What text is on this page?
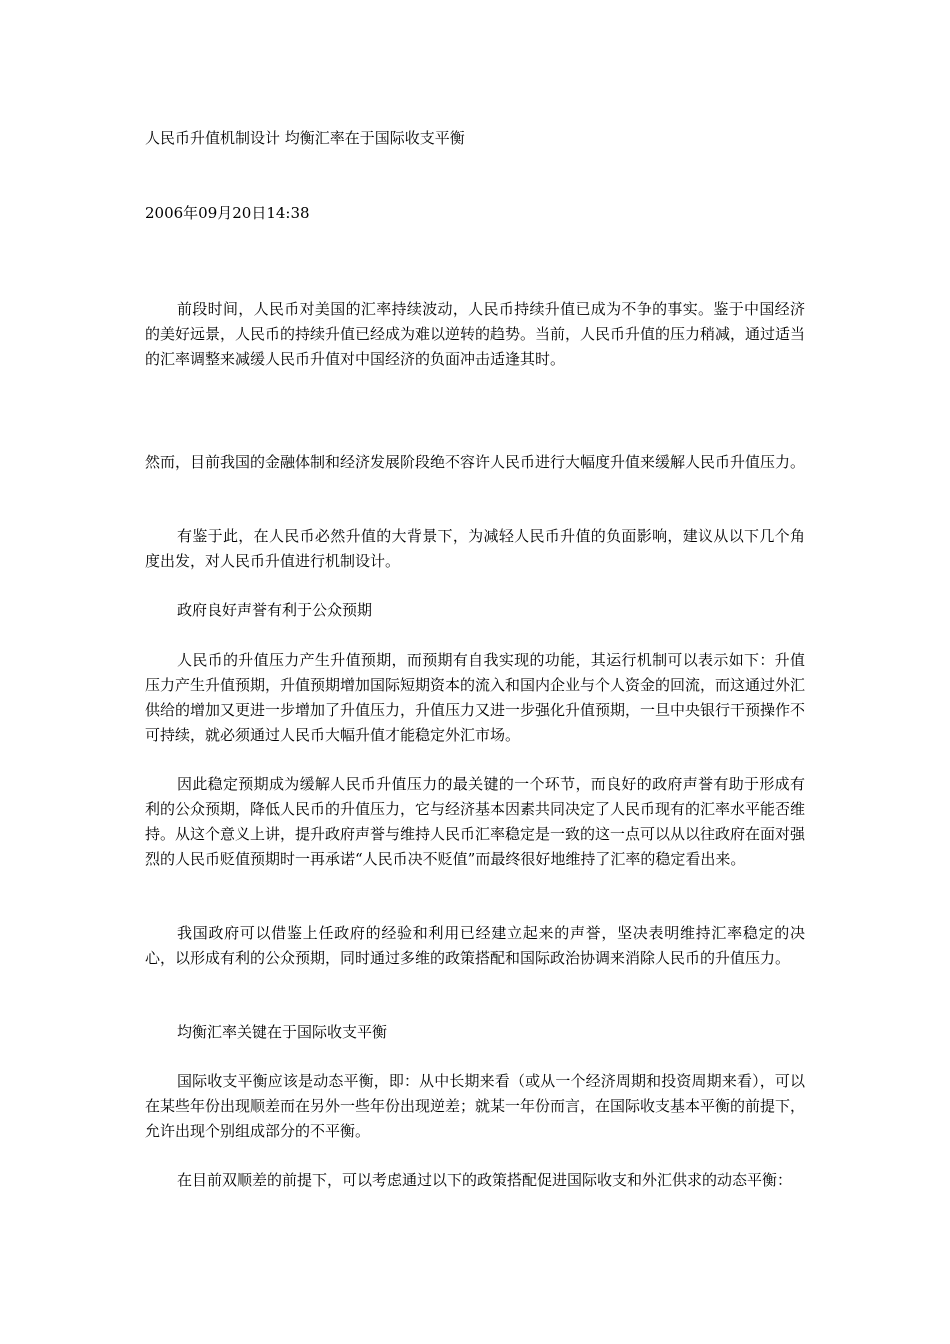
人民币升值机制设计 均衡汇率在于国际收支平衡
2006年09月20日14:38

前段时间，人民币对美国的汇率持续波动，人民币持续升值已成为不争的事实。鉴于中国经济的美好远景，人民币的持续升值已经成为难以逆转的趋势。当前，人民币升值的压力稍减，通过适当的汇率调整来减缓人民币升值对中国经济的负面冲击适逢其时。

然而，目前我国的金融体制和经济发展阶段绝不容许人民币进行大幅度升值来缓解人民币升值压力。

有鉴于此，在人民币必然升值的大背景下，为减轻人民币升值的负面影响，建议从以下几个角度出发，对人民币升值进行机制设计。

政府良好声誉有利于公众预期

人民币的升值压力产生升值预期，而预期有自我实现的功能，其运行机制可以表示如下：升值压力产生升值预期，升值预期增加国际短期资本的流入和国内企业与个人资金的回流，而这通过外汇供给的增加又更进一步增加了升值压力，升值压力又进一步强化升值预期，一旦中央银行干预操作不可持续，就必须通过人民币大幅升值才能稳定外汇市场。

因此稳定预期成为缓解人民币升值压力的最关键的一个环节，而良好的政府声誉有助于形成有利的公众预期，降低人民币的升值压力，它与经济基本因素共同决定了人民币现有的汇率水平能否维持。从这个意义上讲，提升政府声誉与维持人民币汇率稳定是一致的这一点可以从以往政府在面对强烈的人民币贬值预期时一再承诺“人民币决不贬值”而最终很好地维持了汇率的稳定看出来。

我国政府可以借鉴上任政府的经验和利用已经建立起来的声誉，坚决表明维持汇率稳定的决心，以形成有利的公众预期，同时通过多维的政策搭配和国际政治协调来消除人民币的升值压力。

均衡汇率关键在于国际收支平衡

国际收支平衡应该是动态平衡，即：从中长期来看（或从一个经济周期和投资周期来看），可以在某些年份出现顺差而在另外一些年份出现逆差；就某一年份而言，在国际收支基本平衡的前提下，允许出现个别组成部分的不平衡。

在目前双顺差的前提下，可以考虑通过以下的政策搭配促进国际收支和外汇供求的动态平衡：
